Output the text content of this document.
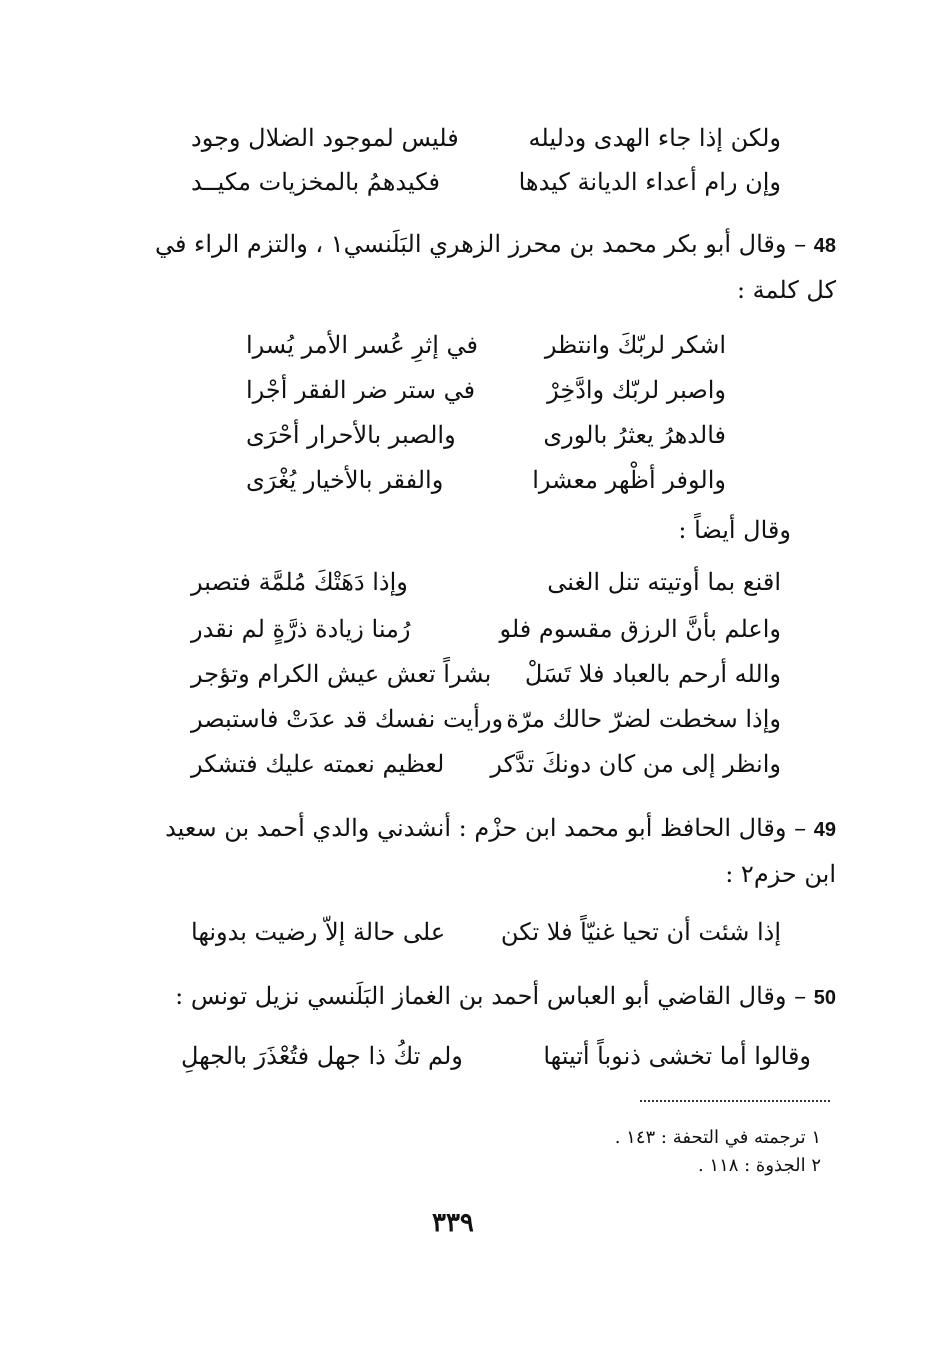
ولكن إذا جاء الهدى ودليله
فليس لموجود الضلال وجود
وإن رام أعداء الديانة كيدها
فكيدهمُ بالمخزيات مكيــد
48 – وقال أبو بكر محمد بن محرز الزهري البَلَنسي١ ، والتزم الراء في
كل كلمة :
اشكر لربّكَ وانتظر
في إثرِ عُسر الأمر يُسرا
واصبر لربّك وادَّخِرْ
في ستر ضر الفقر أجْرا
فالدهرُ يعثرُ بالورى
والصبر بالأحرار أحْرَى
والوفر أظْهر معشرا
والفقر بالأخيار يُغْرَى
وقال أيضاً :
اقنع بما أوتيته تنل الغنى
وإذا دَهَتْكَ مُلمَّة فتصبر
واعلم بأنَّ الرزق مقسوم فلو
رُمنا زيادة ذرَّةٍ لم نقدر
والله أرحم بالعباد فلا تَسَلْ
بشراً تعش عيش الكرام وتؤجر
وإذا سخطت لضرّ حالك مرّة
ورأيت نفسك قد عدَتْ فاستبصر
وانظر إلى من كان دونكَ تدَّكر
لعظيم نعمته عليك فتشكر
49 – وقال الحافظ أبو محمد ابن حزْم : أنشدني والدي أحمد بن سعيد
ابن حزم٢ :
إذا شئت أن تحيا غنيّاً فلا تكن
على حالة إلاّ رضيت بدونها
50 – وقال القاضي أبو العباس أحمد بن الغماز البَلَنسي نزيل تونس :
وقالوا أما تخشى ذنوباً أتيتها
ولم تكُ ذا جهل فتُعْذَرَ بالجهلِ
١ ترجمته في التحفة : ١٤٣ .
٢ الجذوة : ١١٨ .
٣٣٩
